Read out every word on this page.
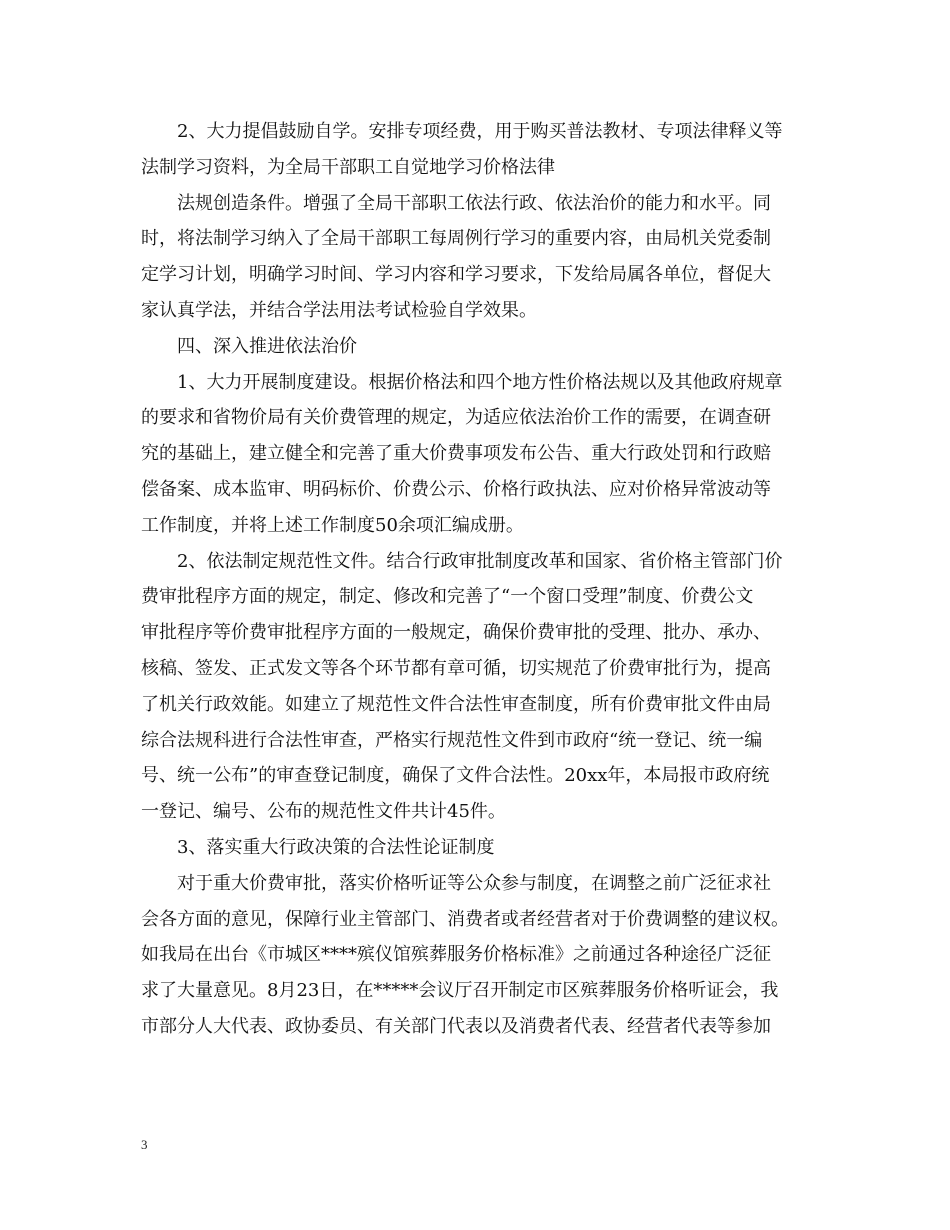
2、大力提倡鼓励自学。安排专项经费，用于购买普法教材、专项法律释义等
法制学习资料，为全局干部职工自觉地学习价格法律
法规创造条件。增强了全局干部职工依法行政、依法治价的能力和水平。同
时，将法制学习纳入了全局干部职工每周例行学习的重要内容，由局机关党委制
定学习计划，明确学习时间、学习内容和学习要求，下发给局属各单位，督促大
家认真学法，并结合学法用法考试检验自学效果。
四、深入推进依法治价
1、大力开展制度建设。根据价格法和四个地方性价格法规以及其他政府规章
的要求和省物价局有关价费管理的规定，为适应依法治价工作的需要，在调查研
究的基础上，建立健全和完善了重大价费事项发布公告、重大行政处罚和行政赔
偿备案、成本监审、明码标价、价费公示、价格行政执法、应对价格异常波动等
工作制度，并将上述工作制度50余项汇编成册。
2、依法制定规范性文件。结合行政审批制度改革和国家、省价格主管部门价
费审批程序方面的规定，制定、修改和完善了“一个窗口受理”制度、价费公文
审批程序等价费审批程序方面的一般规定，确保价费审批的受理、批办、承办、
核稿、签发、正式发文等各个环节都有章可循，切实规范了价费审批行为，提高
了机关行政效能。如建立了规范性文件合法性审查制度，所有价费审批文件由局
综合法规科进行合法性审查，严格实行规范性文件到市政府“统一登记、统一编
号、统一公布”的审查登记制度，确保了文件合法性。20xx年，本局报市政府统
一登记、编号、公布的规范性文件共计45件。
3、落实重大行政决策的合法性论证制度
对于重大价费审批，落实价格听证等公众参与制度，在调整之前广泛征求社
会各方面的意见，保障行业主管部门、消费者或者经营者对于价费调整的建议权。
如我局在出台《市城区****殡仪馆殡葬服务价格标准》之前通过各种途径广泛征
求了大量意见。8月23日，在*****会议厅召开制定市区殡葬服务价格听证会，我
市部分人大代表、政协委员、有关部门代表以及消费者代表、经营者代表等参加
3
